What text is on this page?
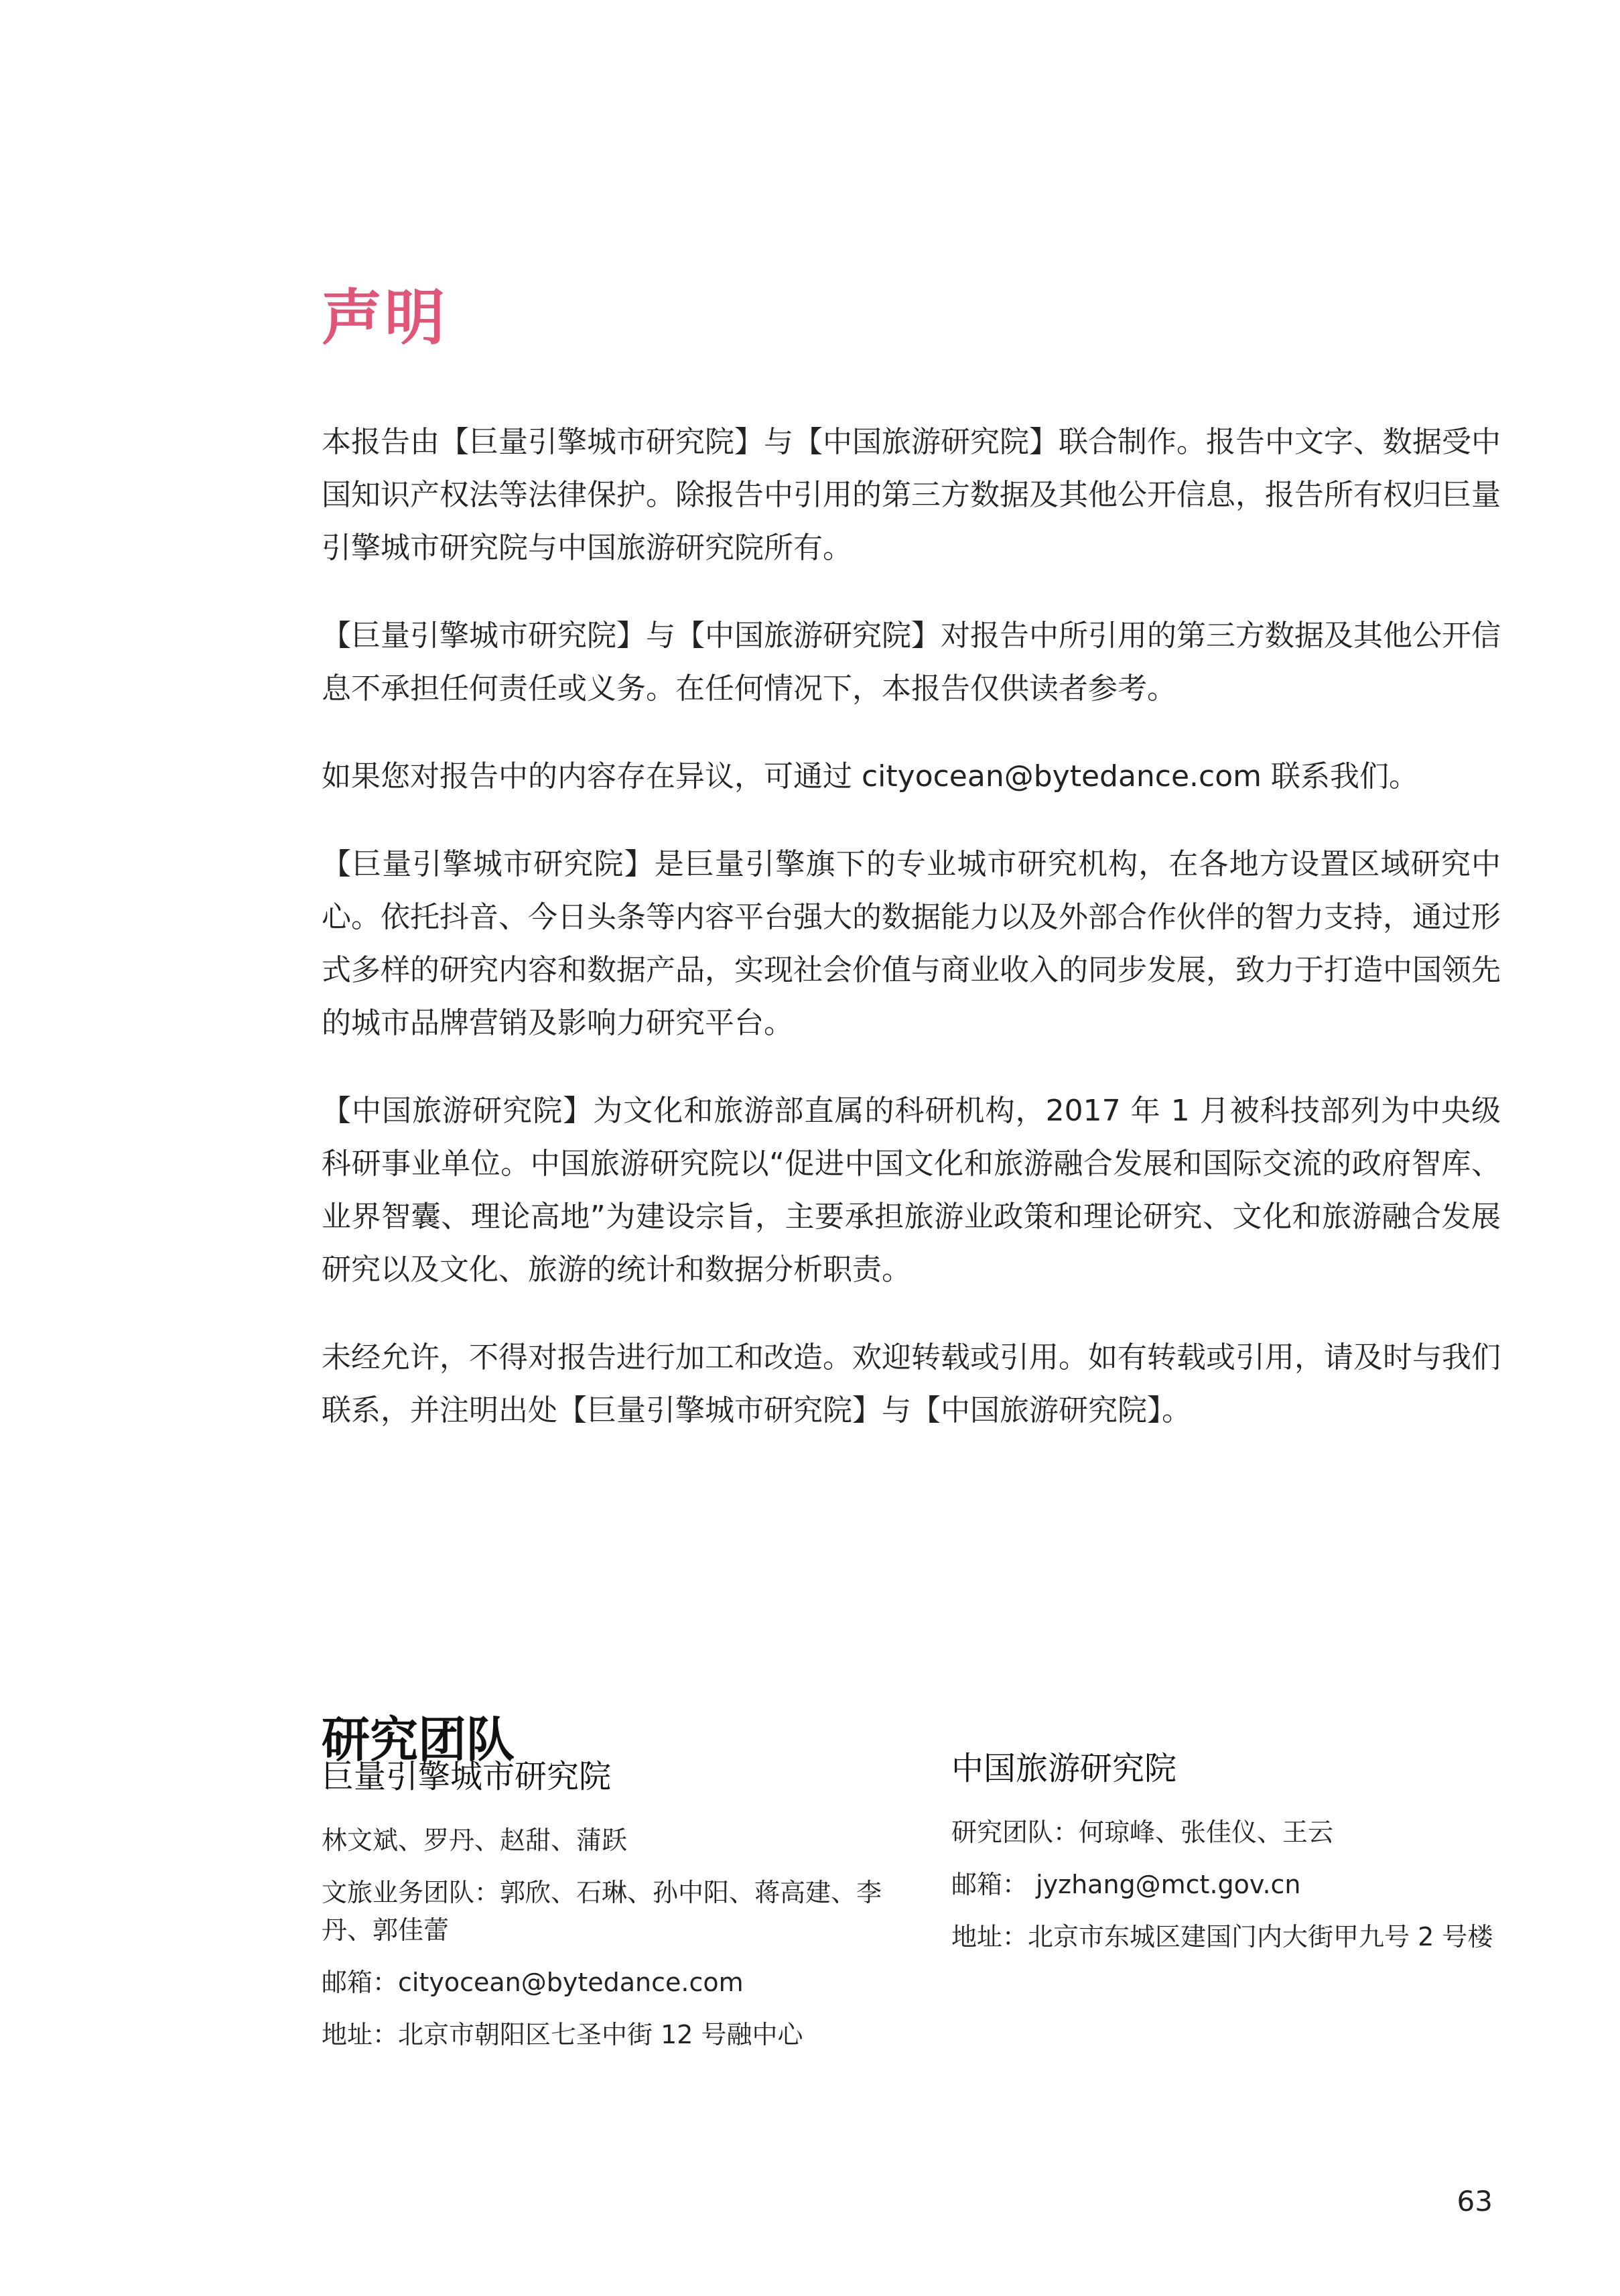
声明

本报告由【巨量引擎城市研究院】与【中国旅游研究院】联合制作。报告中文字、数据受中国知识产权法等法律保护。除报告中引用的第三方数据及其他公开信息，报告所有权归巨量引擎城市研究院与中国旅游研究院所有。

【巨量引擎城市研究院】与【中国旅游研究院】对报告中所引用的第三方数据及其他公开信息不承担任何责任或义务。在任何情况下，本报告仅供读者参考。

如果您对报告中的内容存在异议，可通过 cityocean@bytedance.com 联系我们。

【巨量引擎城市研究院】是巨量引擎旗下的专业城市研究机构，在各地方设置区域研究中心。依托抖音、今日头条等内容平台强大的数据能力以及外部合作伙伴的智力支持，通过形式多样的研究内容和数据产品，实现社会价值与商业收入的同步发展，致力于打造中国领先的城市品牌营销及影响力研究平台。

【中国旅游研究院】为文化和旅游部直属的科研机构，2017 年 1 月被科技部列为中央级科研事业单位。中国旅游研究院以“促进中国文化和旅游融合发展和国际交流的政府智库、业界智囊、理论高地”为建设宗旨，主要承担旅游业政策和理论研究、文化和旅游融合发展研究以及文化、旅游的统计和数据分析职责。

未经允许，不得对报告进行加工和改造。欢迎转载或引用。如有转载或引用，请及时与我们联系，并注明出处【巨量引擎城市研究院】与【中国旅游研究院】。

研究团队
巨量引擎城市研究院
林文斌、罗丹、赵甜、蒲跃
文旅业务团队：郭欣、石琳、孙中阳、蒋高建、李丹、郭佳蕾
邮箱：cityocean@bytedance.com
地址：北京市朝阳区七圣中街 12 号融中心
中国旅游研究院
研究团队：何琼峰、张佳仪、王云
邮箱： jyzhang@mct.gov.cn
地址：北京市东城区建国门内大街甲九号 2 号楼
63
